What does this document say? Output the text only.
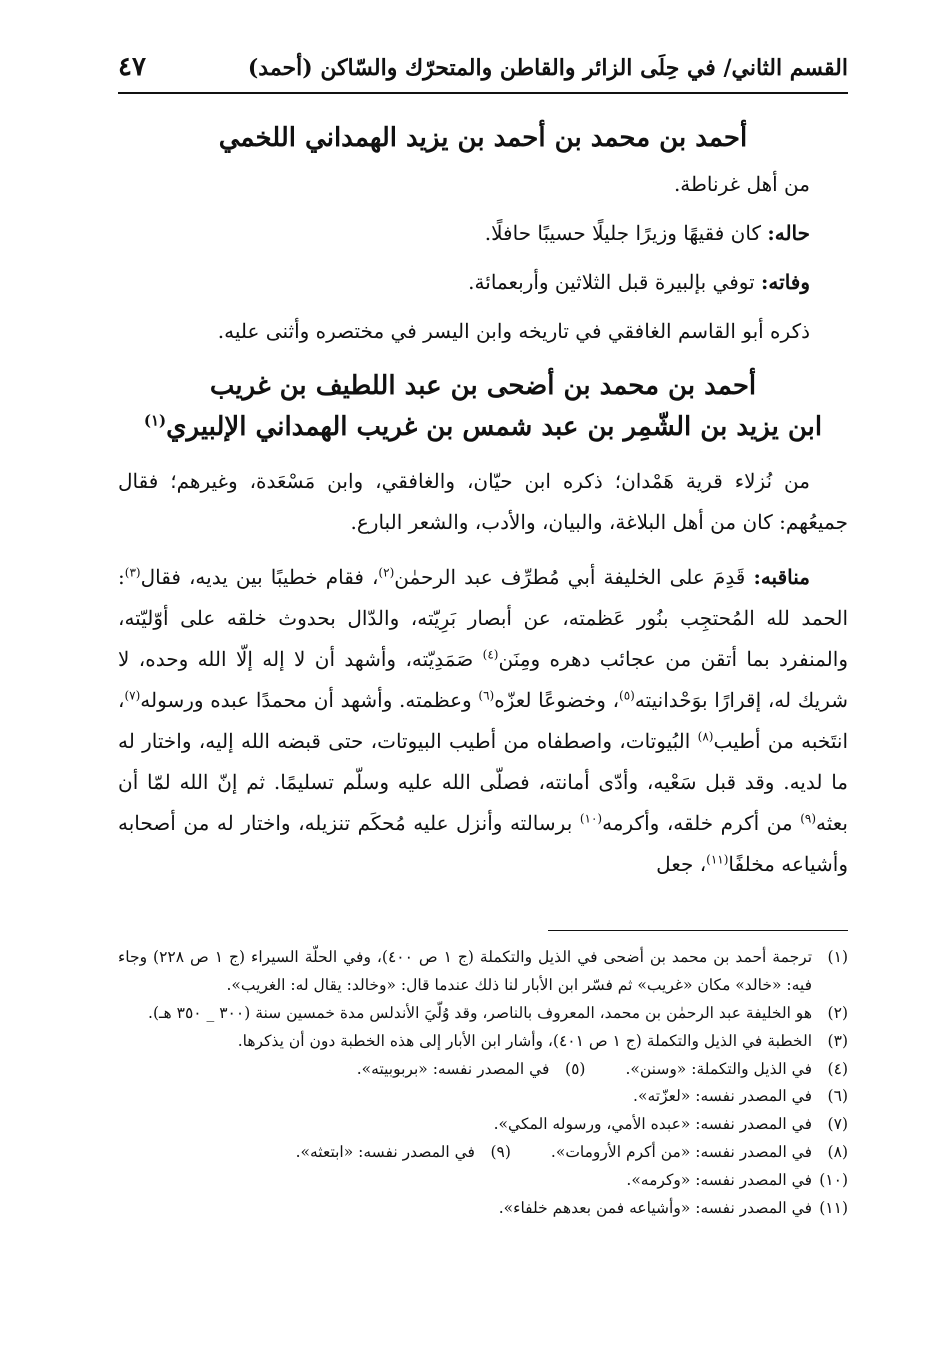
القسم الثاني/ في حِلَى الزائر والقاطن والمتحرّك والسّاكن (أحمد)
٤٧
أحمد بن محمد بن أحمد بن يزيد الهمداني اللخمي

من أهل غرناطة.

حاله: كان فقيهًا وزيرًا جليلًا حسيبًا حافلًا.

وفاته: توفي بإلبيرة قبل الثلاثين وأربعمائة.

ذكره أبو القاسم الغافقي في تاريخه وابن اليسر في مختصره وأثنى عليه.

أحمد بن محمد بن أضحى بن عبد اللطيف بن غريب
ابن يزيد بن الشّمِر بن عبد شمس بن غريب الهمداني الإلبيري$^{(١)}$

من نُزلاء قرية هَمْدان؛ ذكره ابن حيّان، والغافقي، وابن مَسْعَدة، وغيرهم؛ فقال جميعُهم: كان من أهل البلاغة، والبيان، والأدب، والشعر البارع.

مناقبه: قَدِمَ على الخليفة أبي مُطرِّف عبد الرحمٰن$^{(٢)}$، فقام خطيبًا بين يديه، فقال$^{(٣)}$: الحمد لله المُحتجِب بنُور عَظمته، عن أبصار بَرِيّته، والدّال بحدوث خلقه على أوّليّته، والمنفرد بما أتقن من عجائب دهره ومِنَن$^{(٤)}$ صَمَدِيّته، وأشهد أن لا إله إلّا الله وحده، لا شريك له، إقرارًا بوَحْدانيته$^{(٥)}$، وخضوعًا لعزّه$^{(٦)}$ وعظمته. وأشهد أن محمدًا عبده ورسوله$^{(٧)}$، انتَخبه من أطيب$^{(٨)}$ البُيوتات، واصطفاه من أطيب البيوتات، حتى قبضه الله إليه، واختار له ما لديه. وقد قبل سَعْيه، وأدّى أمانته، فصلّى الله عليه وسلّم تسليمًا. ثم إنّ الله لمّا أن بعثه$^{(٩)}$ من أكرم خلقه، وأكرمه$^{(١٠)}$ برسالته وأنزل عليه مُحكَم تنزيله، واختار له من أصحابه وأشياعه مخلفًا$^{(١١)}$، جعل

(١)
ترجمة أحمد بن محمد بن أضحى في الذيل والتكملة (ج ١ ص ٤٠٠)، وفي الحلّة السيراء (ج ١ ص ٢٢٨) وجاء فيه: «خالد» مكان «غريب» ثم فسّر ابن الأبار لنا ذلك عندما قال: «وخالد: يقال له: الغريب».
(٢)
هو الخليفة عبد الرحمٰن بن محمد، المعروف بالناصر، وقد وُلّيَ الأندلس مدة خمسين سنة (٣٠٠ _ ٣٥٠ هـ).
(٣)
الخطبة في الذيل والتكملة (ج ١ ص ٤٠١)، وأشار ابن الأبار إلى هذه الخطبة دون أن يذكرها.
(٤)
في الذيل والتكملة: «وسنن».
(٥)
في المصدر نفسه: «بربوبيته».
(٦)
في المصدر نفسه: «لعزّته».
(٧)
في المصدر نفسه: «عبده الأمي، ورسوله المكي».
(٨)
في المصدر نفسه: «من أكرم الأرومات».
(٩)
في المصدر نفسه: «ابتعثه».
(١٠)
في المصدر نفسه: «وكرمه».
(١١)
في المصدر نفسه: «وأشياعه فمن بعدهم خلفاء».
